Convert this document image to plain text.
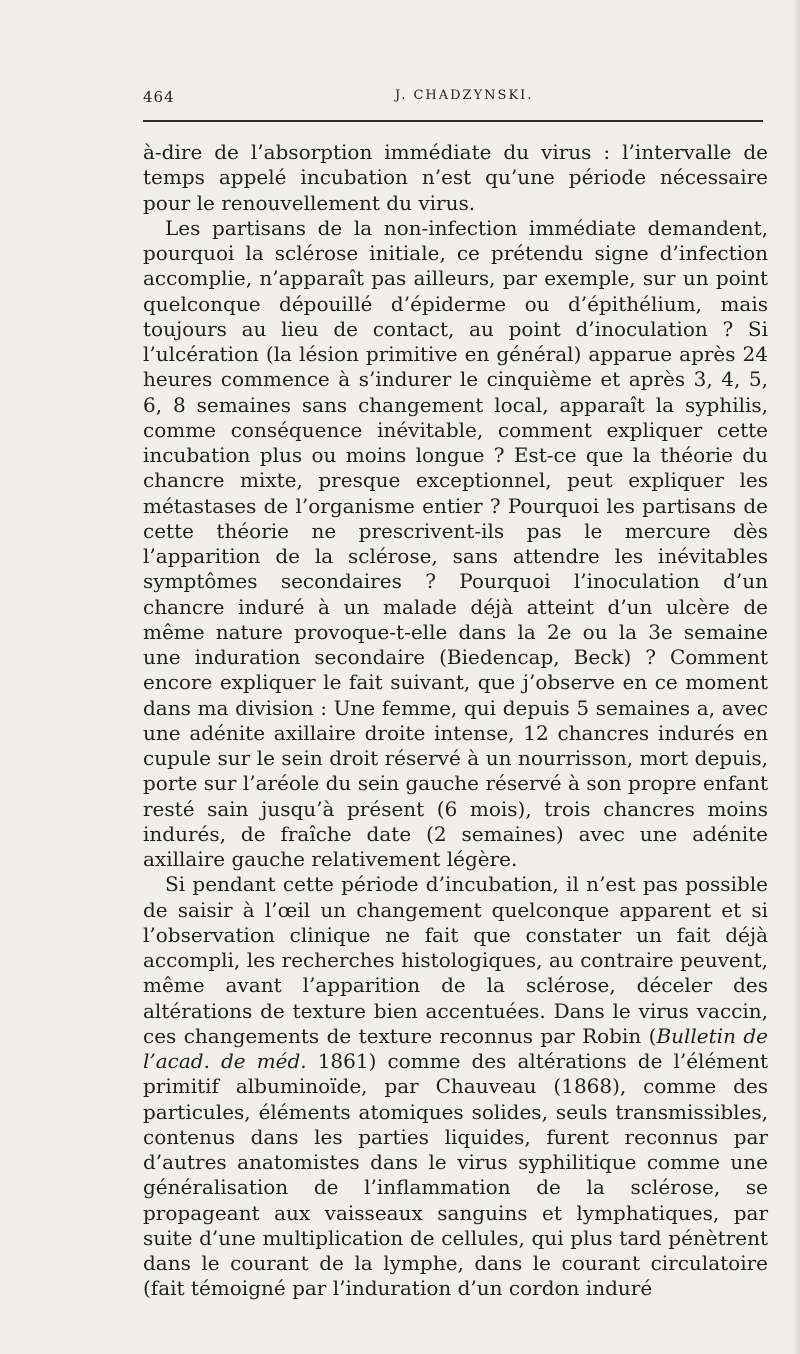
464	J. CHADZYNSKI.

à-dire de l’absorption immédiate du virus : l’intervalle de temps appelé incubation n’est qu’une période nécessaire pour le renouvellement du virus.

Les partisans de la non-infection immédiate demandent, pourquoi la sclérose initiale, ce prétendu signe d’infection accomplie, n’apparaît pas ailleurs, par exemple, sur un point quelconque dépouillé d’épiderme ou d’épithélium, mais toujours au lieu de contact, au point d’inoculation ? Si l’ulcération (la lésion primitive en général) apparue après 24 heures commence à s’indurer le cinquième et après 3, 4, 5, 6, 8 semaines sans changement local, apparaît la syphilis, comme conséquence inévitable, comment expliquer cette incubation plus ou moins longue ? Est-ce que la théorie du chancre mixte, presque exceptionnel, peut expliquer les métastases de l’organisme entier ? Pourquoi les partisans de cette théorie ne prescrivent-ils pas le mercure dès l’apparition de la sclérose, sans attendre les inévitables symptômes secondaires ? Pourquoi l’inoculation d’un chancre induré à un malade déjà atteint d’un ulcère de même nature provoque-t-elle dans la 2e ou la 3e semaine une induration secondaire (Biedencap, Beck) ? Comment encore expliquer le fait suivant, que j’observe en ce moment dans ma division : Une femme, qui depuis 5 semaines a, avec une adénite axillaire droite intense, 12 chancres indurés en cupule sur le sein droit réservé à un nourrisson, mort depuis, porte sur l’aréole du sein gauche réservé à son propre enfant resté sain jusqu’à présent (6 mois), trois chancres moins indurés, de fraîche date (2 semaines) avec une adénite axillaire gauche relativement légère.

Si pendant cette période d’incubation, il n’est pas possible de saisir à l’œil un changement quelconque apparent et si l’observation clinique ne fait que constater un fait déjà accompli, les recherches histologiques, au contraire peuvent, même avant l’apparition de la sclérose, déceler des altérations de texture bien accentuées. Dans le virus vaccin, ces changements de texture reconnus par Robin (Bulletin de l’acad. de méd. 1861) comme des altérations de l’élément primitif albuminoïde, par Chauveau (1868), comme des particules, éléments atomiques solides, seuls transmissibles, contenus dans les parties liquides, furent reconnus par d’autres anatomistes dans le virus syphilitique comme une généralisation de l’inflammation de la sclérose, se propageant aux vaisseaux sanguins et lymphatiques, par suite d’une multiplication de cellules, qui plus tard pénètrent dans le courant de la lymphe, dans le courant circulatoire (fait témoigné par l’induration d’un cordon induré
